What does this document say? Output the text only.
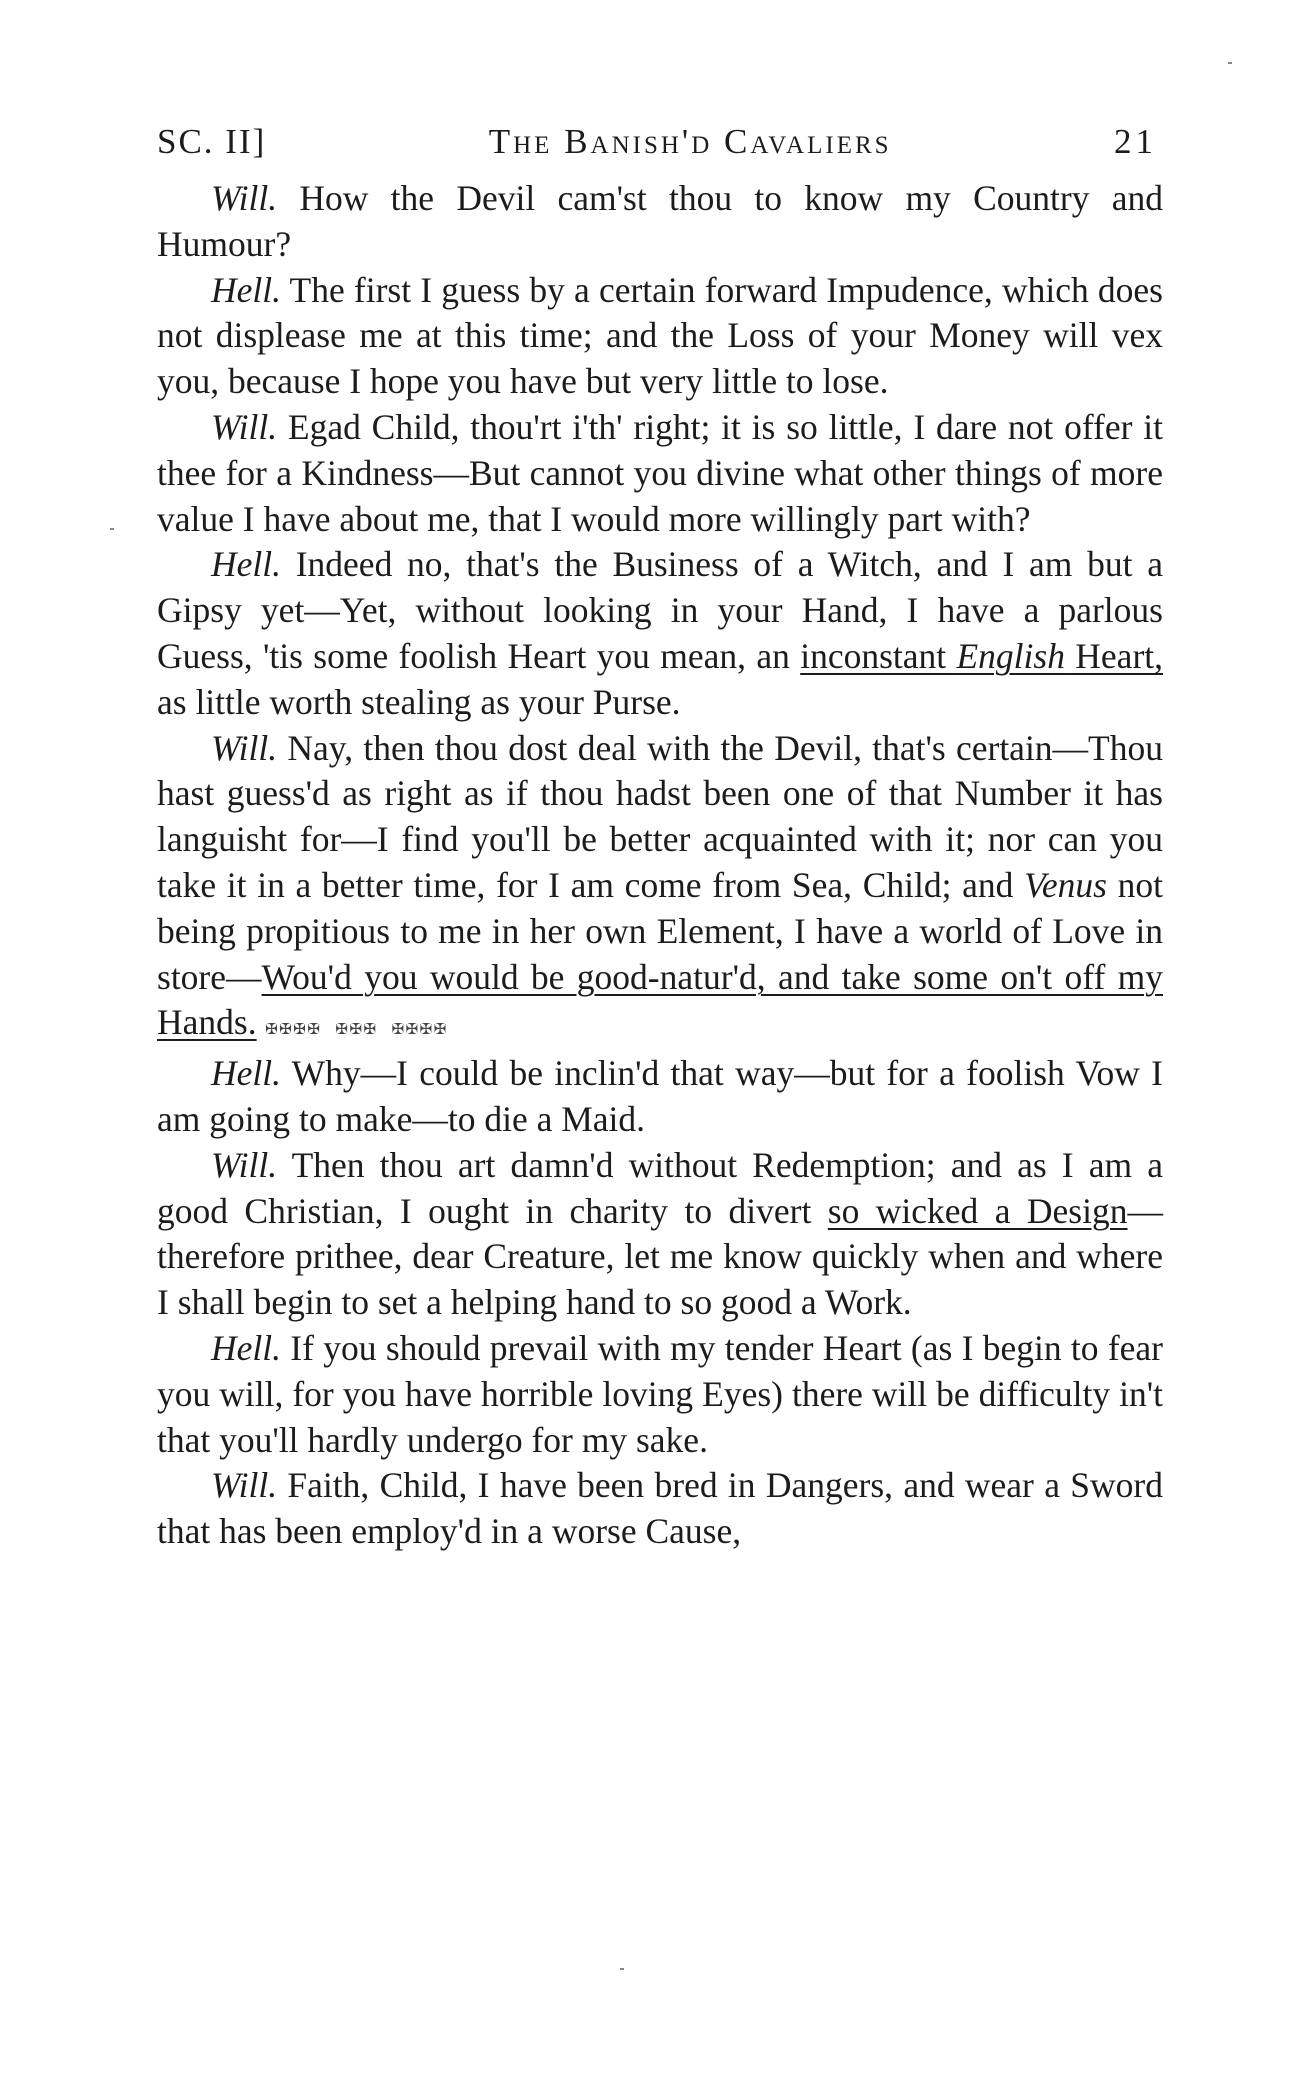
SC. II]	The Banish'd Cavaliers	21

Will. How the Devil cam'st thou to know my Country and Humour?

Hell. The first I guess by a certain forward Impudence, which does not displease me at this time; and the Loss of your Money will vex you, because I hope you have but very little to lose.

Will. Egad Child, thou'rt i'th' right; it is so little, I dare not offer it thee for a Kindness—But cannot you divine what other things of more value I have about me, that I would more willingly part with?

Hell. Indeed no, that's the Business of a Witch, and I am but a Gipsy yet—Yet, without looking in your Hand, I have a parlous Guess, 'tis some foolish Heart you mean, an inconstant English Heart, as little worth stealing as your Purse.

Will. Nay, then thou dost deal with the Devil, that's certain—Thou hast guess'd as right as if thou hadst been one of that Number it has languisht for—I find you'll be better acquainted with it; nor can you take it in a better time, for I am come from Sea, Child; and Venus not being propitious to me in her own Element, I have a world of Love in store—Wou'd you would be good-natur'd, and take some on't off my Hands. ✠✠✠✠ ✠✠✠ ✠✠✠✠

Hell. Why—I could be inclin'd that way—but for a foolish Vow I am going to make—to die a Maid.

Will. Then thou art damn'd without Redemption; and as I am a good Christian, I ought in charity to divert so wicked a Design—therefore prithee, dear Creature, let me know quickly when and where I shall begin to set a helping hand to so good a Work.

Hell. If you should prevail with my tender Heart (as I begin to fear you will, for you have horrible loving Eyes) there will be difficulty in't that you'll hardly undergo for my sake.

Will. Faith, Child, I have been bred in Dangers, and wear a Sword that has been employ'd in a worse Cause,
